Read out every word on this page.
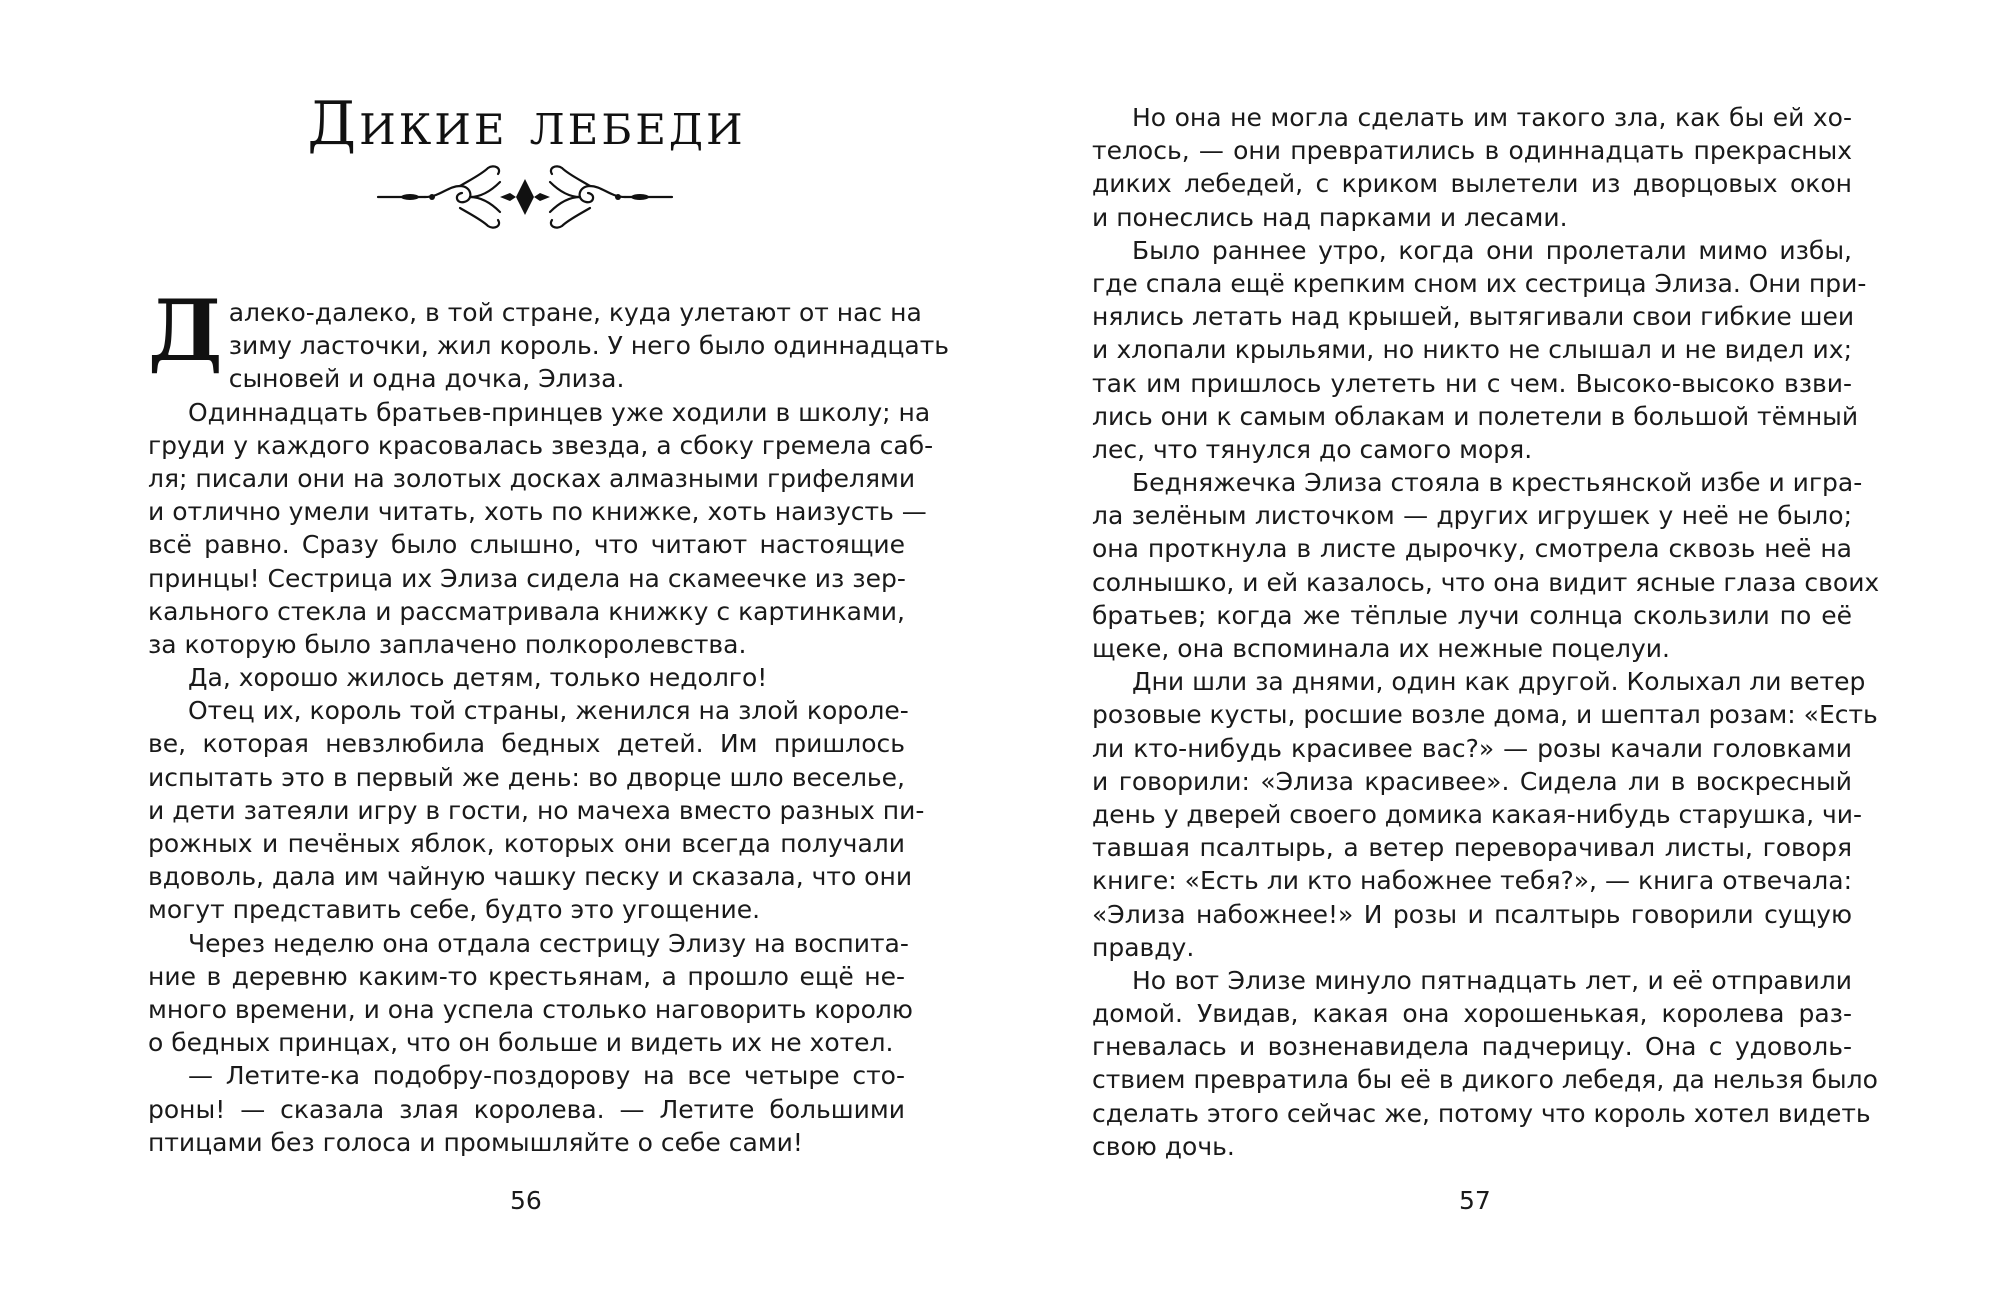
Дикие лебеди
Д алеко-далеко, в той стране, куда улетают от нас на
зиму ласточки, жил король. У него было одиннадцать
сыновей и одна дочка, Элиза.
Одиннадцать братьев-принцев уже ходили в школу; на
груди у каждого красовалась звезда, а сбоку гремела саб-
ля; писали они на золотых досках алмазными грифелями
и отлично умели читать, хоть по книжке, хоть наизусть —
всё равно. Сразу было слышно, что читают настоящие
принцы! Сестрица их Элиза сидела на скамеечке из зер-
кального стекла и рассматривала книжку с картинками,
за которую было заплачено полкоролевства.
Да, хорошо жилось детям, только недолго!
Отец их, король той страны, женился на злой короле-
ве, которая невзлюбила бедных детей. Им пришлось
испытать это в первый же день: во дворце шло веселье,
и дети затеяли игру в гости, но мачеха вместо разных пи-
рожных и печёных яблок, которых они всегда получали
вдоволь, дала им чайную чашку песку и сказала, что они
могут представить себе, будто это угощение.
Через неделю она отдала сестрицу Элизу на воспита-
ние в деревню каким-то крестьянам, а прошло ещё не-
много времени, и она успела столько наговорить королю
о бедных принцах, что он больше и видеть их не хотел.
— Летите-ка подобру-поздорову на все четыре сто-
роны! — сказала злая королева. — Летите большими
птицами без голоса и промышляйте о себе сами!
56
Но она не могла сделать им такого зла, как бы ей хо-
телось, — они превратились в одиннадцать прекрасных
диких лебедей, с криком вылетели из дворцовых окон
и понеслись над парками и лесами.
Было раннее утро, когда они пролетали мимо избы,
где спала ещё крепким сном их сестрица Элиза. Они при-
нялись летать над крышей, вытягивали свои гибкие шеи
и хлопали крыльями, но никто не слышал и не видел их;
так им пришлось улететь ни с чем. Высоко-высоко взви-
лись они к самым облакам и полетели в большой тёмный
лес, что тянулся до самого моря.
Бедняжечка Элиза стояла в крестьянской избе и игра-
ла зелёным листочком — других игрушек у неё не было;
она проткнула в листе дырочку, смотрела сквозь неё на
солнышко, и ей казалось, что она видит ясные глаза своих
братьев; когда же тёплые лучи солнца скользили по её
щеке, она вспоминала их нежные поцелуи.
Дни шли за днями, один как другой. Колыхал ли ветер
розовые кусты, росшие возле дома, и шептал розам: «Есть
ли кто-нибудь красивее вас?» — розы качали головками
и говорили: «Элиза красивее». Сидела ли в воскресный
день у дверей своего домика какая-нибудь старушка, чи-
тавшая псалтырь, а ветер переворачивал листы, говоря
книге: «Есть ли кто набожнее тебя?», — книга отвечала:
«Элиза набожнее!» И розы и псалтырь говорили сущую
правду.
Но вот Элизе минуло пятнадцать лет, и её отправили
домой. Увидав, какая она хорошенькая, королева раз-
гневалась и возненавидела падчерицу. Она с удоволь-
ствием превратила бы её в дикого лебедя, да нельзя было
сделать этого сейчас же, потому что король хотел видеть
свою дочь.
57
